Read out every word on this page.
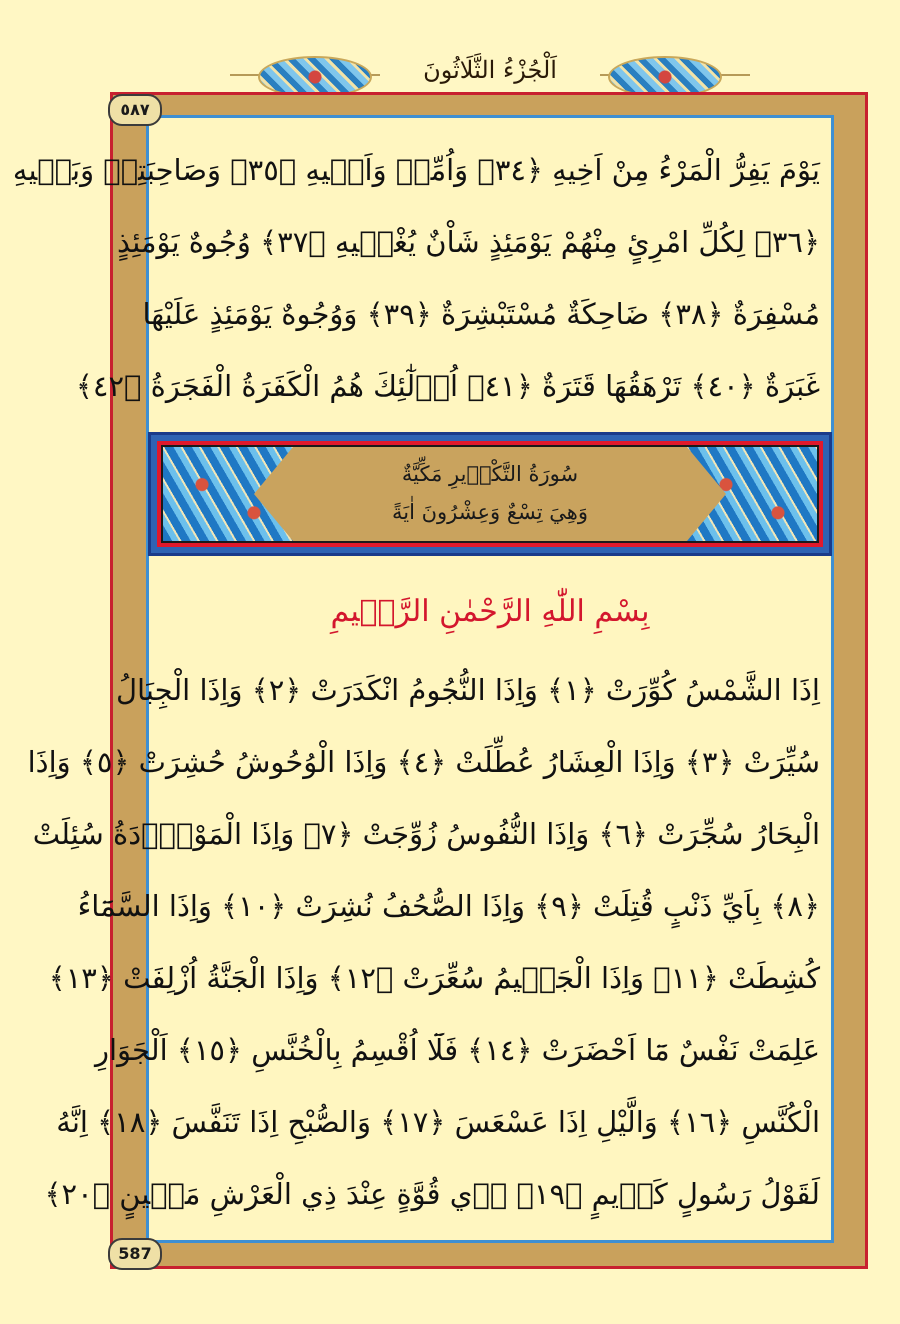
اَلْجُزْءُ الثَّلَاثُونَ
٥٨٧
587
يَوْمَ يَفِرُّ الْمَرْءُ مِنْ اَخِيهِ ﴿٣٤﴾ وَاُمِّه۪ وَاَب۪يهِ ﴿٣٥﴾ وَصَاحِبَتِه۪ وَبَن۪يهِ
﴿٣٦﴾ لِكُلِّ امْرِئٍ مِنْهُمْ يَوْمَئِذٍ شَاْنٌ يُغْن۪يهِ ﴿٣٧﴾ وُجُوهٌ يَوْمَئِذٍ
مُسْفِرَةٌ ﴿٣٨﴾ ضَاحِكَةٌ مُسْتَبْشِرَةٌ ﴿٣٩﴾ وَوُجُوهٌ يَوْمَئِذٍ عَلَيْهَا
غَبَرَةٌ ﴿٤٠﴾ تَرْهَقُهَا قَتَرَةٌ ﴿٤١﴾ اُو۬لٰٓئِكَ هُمُ الْكَفَرَةُ الْفَجَرَةُ ﴿٤٢﴾
سُورَةُ التَّكْو۪يرِ مَكِّيَّةٌ
وَهِيَ تِسْعٌ وَعِشْرُونَ اٰيَةً
بِسْمِ اللّٰهِ الرَّحْمٰنِ الرَّح۪يمِ
اِذَا الشَّمْسُ كُوِّرَتْ ﴿١﴾ وَاِذَا النُّجُومُ انْكَدَرَتْ ﴿٢﴾ وَاِذَا الْجِبَالُ
سُيِّرَتْ ﴿٣﴾ وَاِذَا الْعِشَارُ عُطِّلَتْ ﴿٤﴾ وَاِذَا الْوُحُوشُ حُشِرَتْ ﴿٥﴾ وَاِذَا
الْبِحَارُ سُجِّرَتْ ﴿٦﴾ وَاِذَا النُّفُوسُ زُوِّجَتْ ﴿٧﴾ وَاِذَا الْمَوْؤُ۫دَةُ سُئِلَتْ
﴿٨﴾ بِاَيِّ ذَنْبٍ قُتِلَتْ ﴿٩﴾ وَاِذَا الصُّحُفُ نُشِرَتْ ﴿١٠﴾ وَاِذَا السَّمَٓاءُ
كُشِطَتْ ﴿١١﴾ وَاِذَا الْجَح۪يمُ سُعِّرَتْ ﴿١٢﴾ وَاِذَا الْجَنَّةُ اُزْلِفَتْ ﴿١٣﴾
عَلِمَتْ نَفْسٌ مَٓا اَحْضَرَتْ ﴿١٤﴾ فَلَٓا اُقْسِمُ بِالْخُنَّسِ ﴿١٥﴾ اَلْجَوَارِ
الْكُنَّسِ ﴿١٦﴾ وَالَّيْلِ اِذَا عَسْعَسَ ﴿١٧﴾ وَالصُّبْحِ اِذَا تَنَفَّسَ ﴿١٨﴾ اِنَّهُ
لَقَوْلُ رَسُولٍ كَر۪يمٍ ﴿١٩﴾ ذ۪ي قُوَّةٍ عِنْدَ ذِي الْعَرْشِ مَك۪ينٍ ﴿٢٠﴾
